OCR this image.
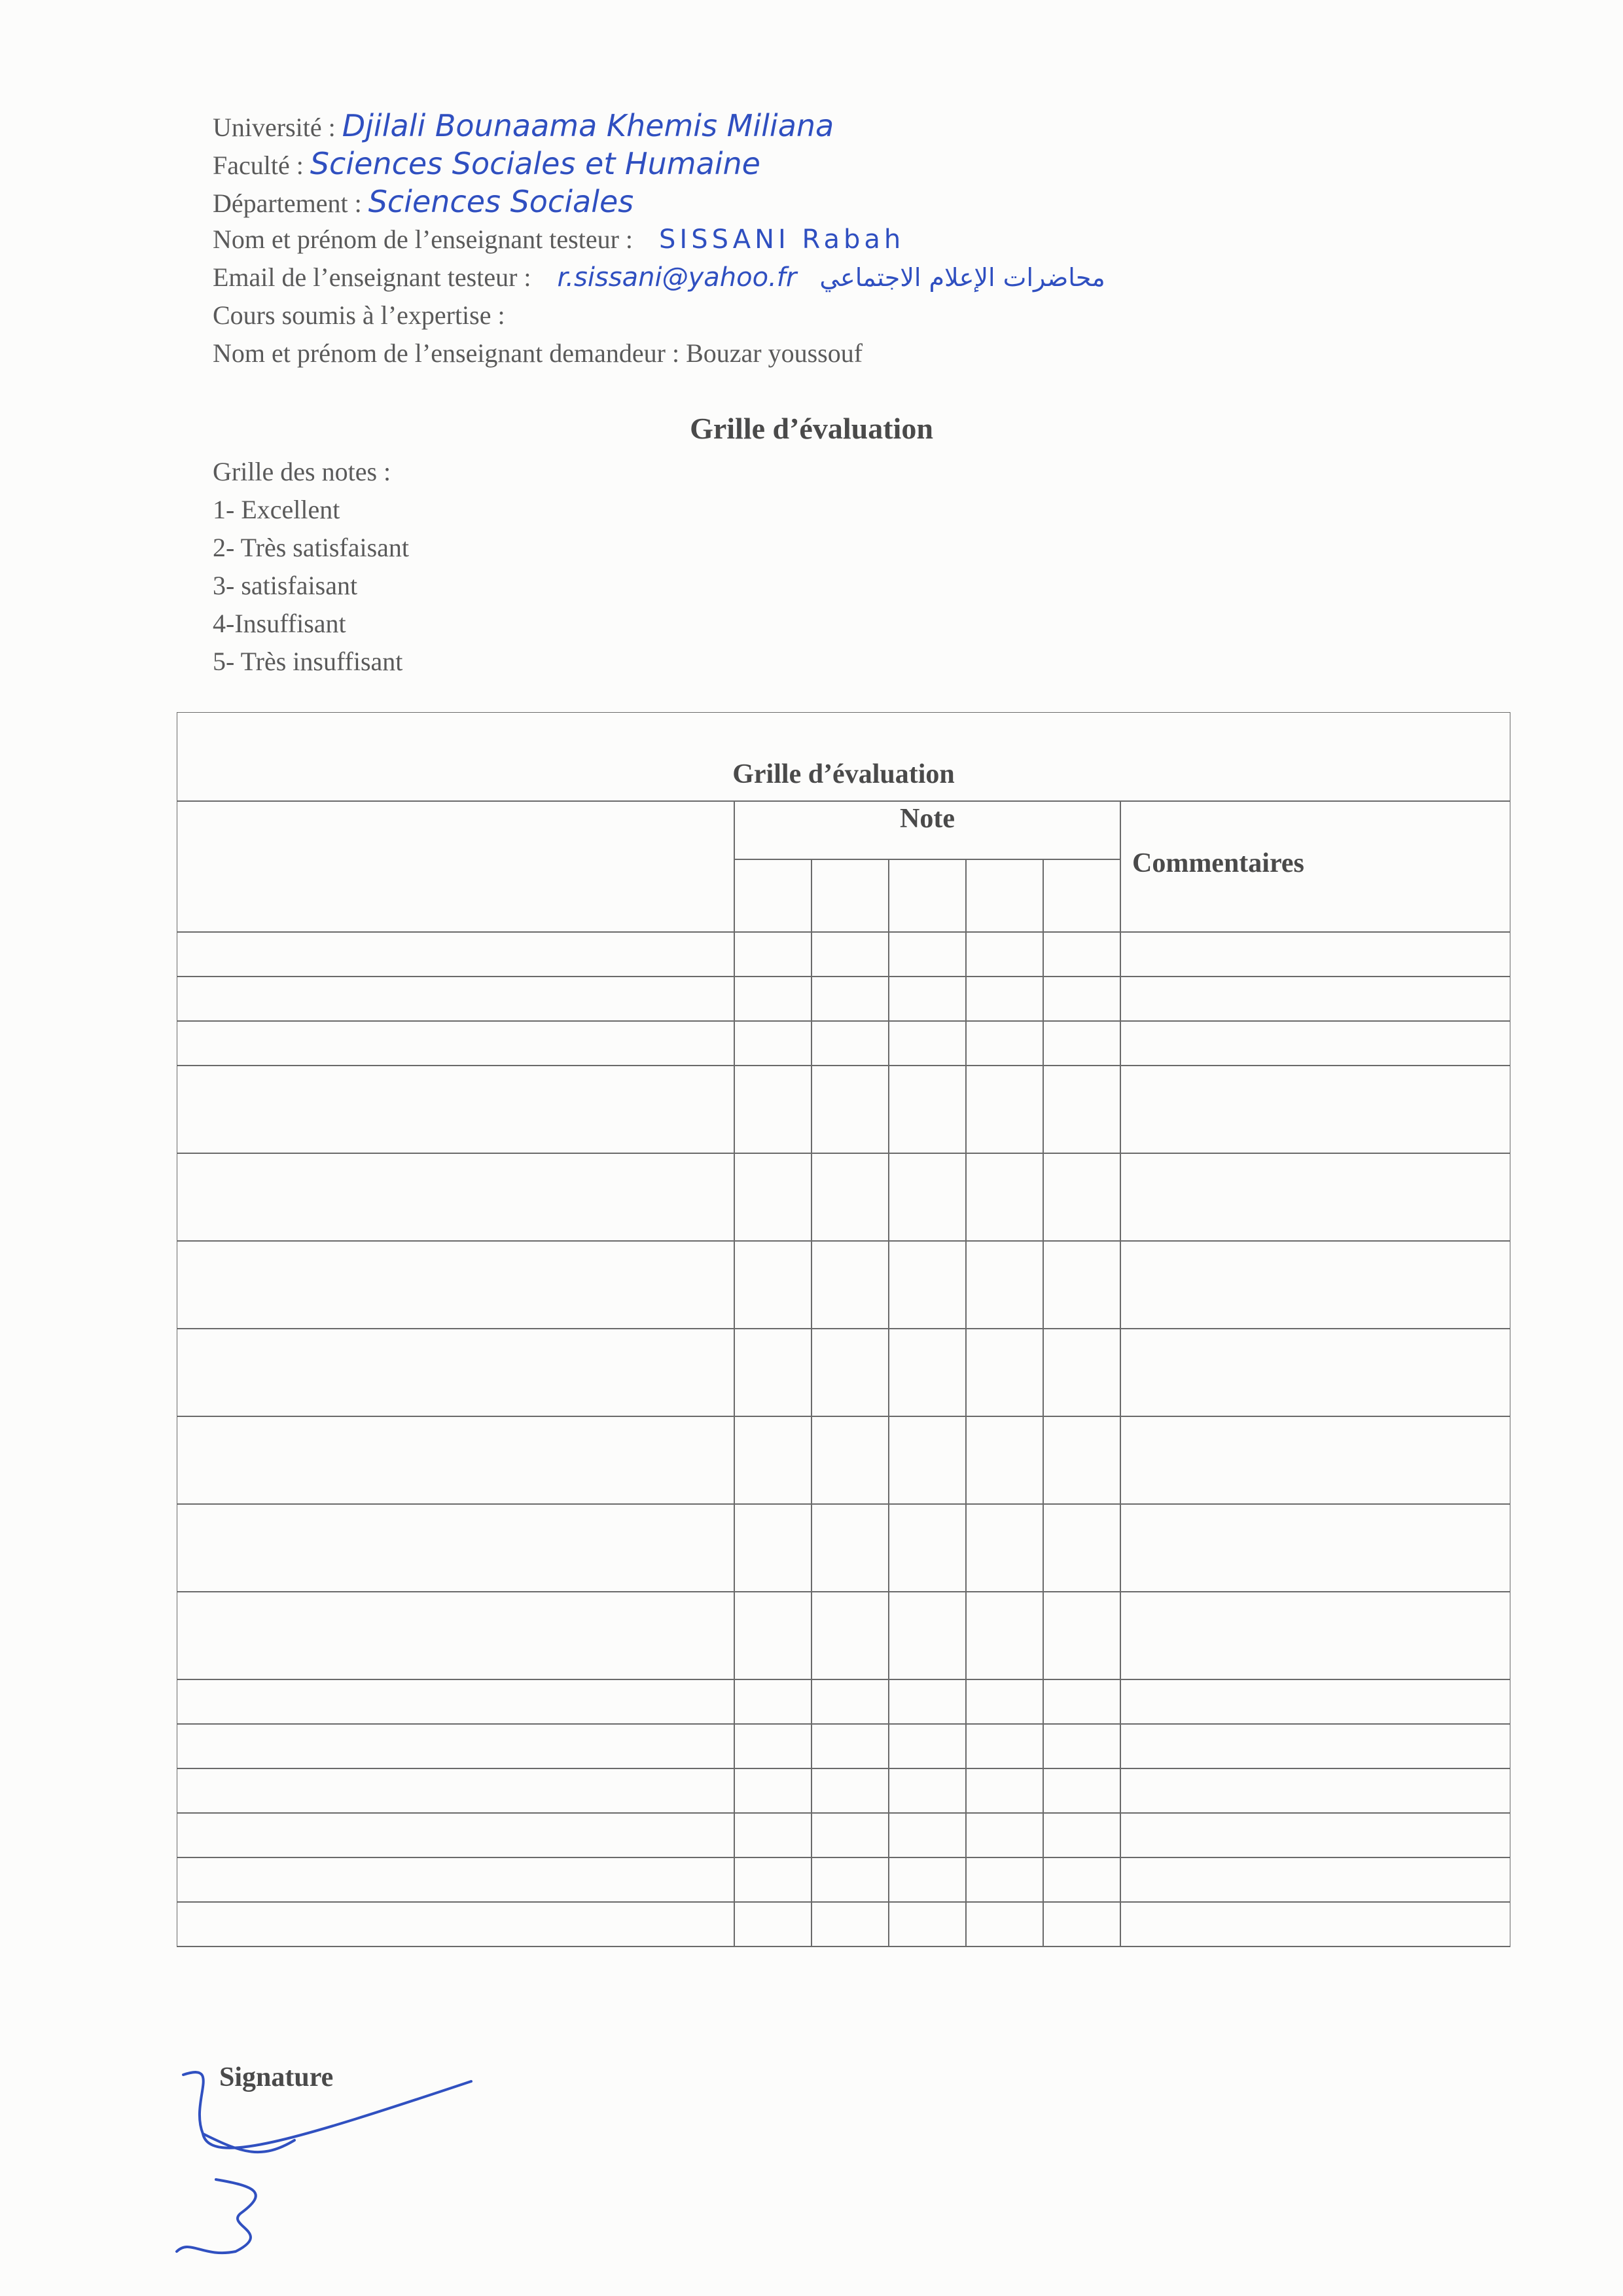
Université : Djilali Bounaama Khemis Miliana
Faculté : Sciences Sociales et Humaine
Département : Sciences Sociales
Nom et prénom de l’enseignant testeur : SISSANI Rabah
Email de l’enseignant testeur : r.sissani@yahoo.fr محاضرات الإعلام الاجتماعي
Cours soumis à l’expertise :
Nom et prénom de l’enseignant demandeur : Bouzar youssouf
Grille d’évaluation
Grille des notes :
1- Excellent
2- Très satisfaisant
3- satisfaisant
4-Insuffisant
5- Très insuffisant
Grille d’évaluation
Note
Commentaires
Signature
